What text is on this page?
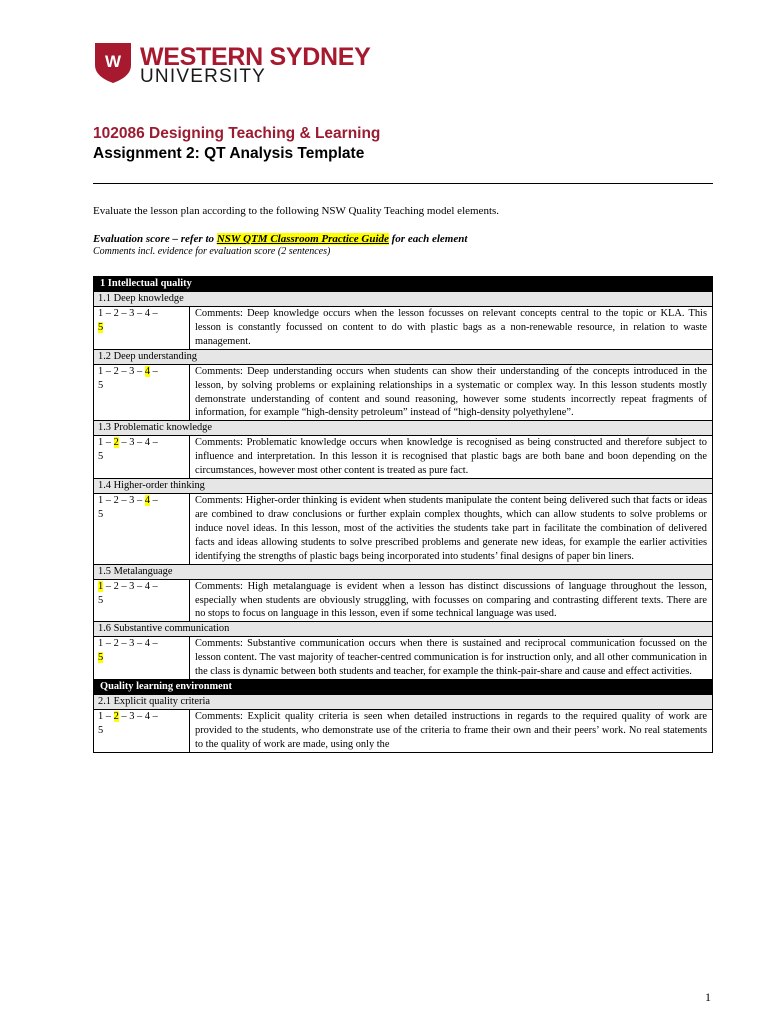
W WESTERN SYDNEY
UNIVERSITY
102086 Designing Teaching & Learning
Assignment 2: QT Analysis Template
Evaluate the lesson plan according to the following NSW Quality Teaching model elements.
Evaluation score – refer to NSW QTM Classroom Practice Guide for each element
Comments incl. evidence for evaluation score (2 sentences)
1 Intellectual quality	
1.1 Deep knowledge	

1 – 2 – 3 – 4 –
5	Comments: Deep knowledge occurs when the lesson focusses on relevant concepts central to the topic or KLA. This lesson is constantly focussed on content to do with plastic bags as a non-renewable resource, in relation to waste management.
1.2 Deep understanding	

1 – 2 – 3 – 4 –
5	Comments: Deep understanding occurs when students can show their understanding of the concepts introduced in the lesson, by solving problems or explaining relationships in a systematic or complex way. In this lesson students mostly demonstrate understanding of content and sound reasoning, however some students incorrectly repeat fragments of information, for example “high-density petroleum” instead of “high-density polyethylene”.
1.3 Problematic knowledge	

1 – 2 – 3 – 4 –
5	Comments: Problematic knowledge occurs when knowledge is recognised as being constructed and therefore subject to influence and interpretation. In this lesson it is recognised that plastic bags are both bane and boon depending on the circumstances, however most other content is treated as pure fact.
1.4 Higher-order thinking	

1 – 2 – 3 – 4 –
5	Comments: Higher-order thinking is evident when students manipulate the content being delivered such that facts or ideas are combined to draw conclusions or further explain complex thoughts, which can allow students to solve problems or induce novel ideas. In this lesson, most of the activities the students take part in facilitate the combination of delivered facts and ideas allowing students to solve prescribed problems and generate new ideas, for example the earlier activities identifying the strengths of plastic bags being incorporated into students’ final designs of paper bin liners.
1.5 Metalanguage	

1 – 2 – 3 – 4 –
5	Comments: High metalanguage is evident when a lesson has distinct discussions of language throughout the lesson, especially when students are obviously struggling, with focusses on comparing and contrasting different texts. There are no stops to focus on language in this lesson, even if some technical language was used.
1.6 Substantive communication	

1 – 2 – 3 – 4 –
5	Comments: Substantive communication occurs when there is sustained and reciprocal communication focussed on the lesson content. The vast majority of teacher-centred communication is for instruction only, and all other communication in the class is dynamic between both students and teacher, for example the think-pair-share and cause and effect activities.
Quality learning environment	
2.1 Explicit quality criteria	

1 – 2 – 3 – 4 –
5	Comments: Explicit quality criteria is seen when detailed instructions in regards to the required quality of work are provided to the students, who demonstrate use of the criteria to frame their own and their peers’ work. No real statements to the quality of work are made, using only the
1
